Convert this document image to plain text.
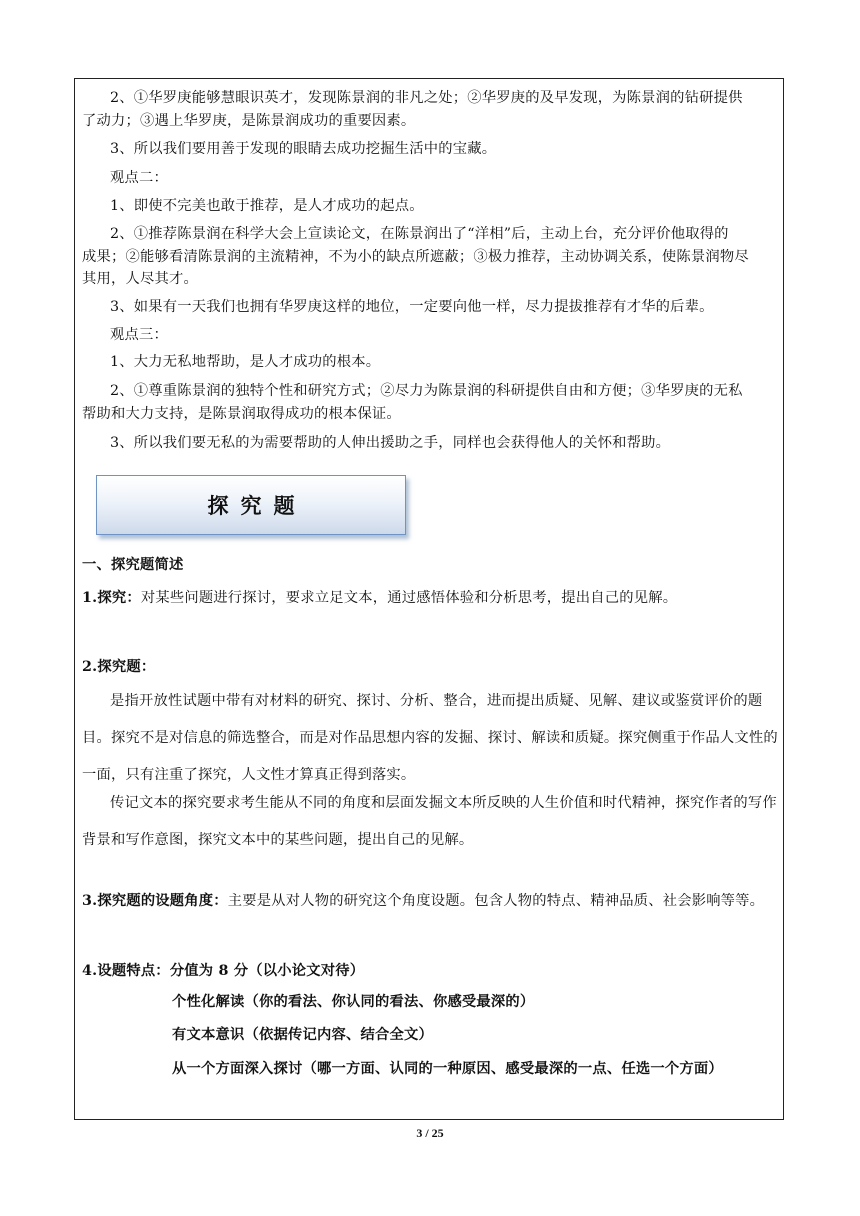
2、①华罗庚能够慧眼识英才，发现陈景润的非凡之处；②华罗庚的及早发现，为陈景润的钻研提供

了动力；③遇上华罗庚，是陈景润成功的重要因素。

3、所以我们要用善于发现的眼睛去成功挖掘生活中的宝藏。

观点二：

1、即使不完美也敢于推荐，是人才成功的起点。

2、①推荐陈景润在科学大会上宣读论文，在陈景润出了“洋相”后，主动上台，充分评价他取得的

成果；②能够看清陈景润的主流精神，不为小的缺点所遮蔽；③极力推荐，主动协调关系，使陈景润物尽

其用，人尽其才。

3、如果有一天我们也拥有华罗庚这样的地位，一定要向他一样，尽力提拔推荐有才华的后辈。

观点三：

1、大力无私地帮助，是人才成功的根本。

2、①尊重陈景润的独特个性和研究方式；②尽力为陈景润的科研提供自由和方便；③华罗庚的无私

帮助和大力支持，是陈景润取得成功的根本保证。

3、所以我们要无私的为需要帮助的人伸出援助之手，同样也会获得他人的关怀和帮助。

探究题

一、探究题简述

1.探究：对某些问题进行探讨，要求立足文本，通过感悟体验和分析思考，提出自己的见解。

2.探究题：

是指开放性试题中带有对材料的研究、探讨、分析、整合，进而提出质疑、见解、建议或鉴赏评价的题目。探究不是对信息的筛选整合，而是对作品思想内容的发掘、探讨、解读和质疑。探究侧重于作品人文性的一面，只有注重了探究，人文性才算真正得到落实。

传记文本的探究要求考生能从不同的角度和层面发掘文本所反映的人生价值和时代精神，探究作者的写作背景和写作意图，探究文本中的某些问题，提出自己的见解。

3.探究题的设题角度：主要是从对人物的研究这个角度设题。包含人物的特点、精神品质、社会影响等等。

4.设题特点：分值为 8 分（以小论文对待）

个性化解读（你的看法、你认同的看法、你感受最深的）

有文本意识（依据传记内容、结合全文）

从一个方面深入探讨（哪一方面、认同的一种原因、感受最深的一点、任选一个方面）

3 / 25
